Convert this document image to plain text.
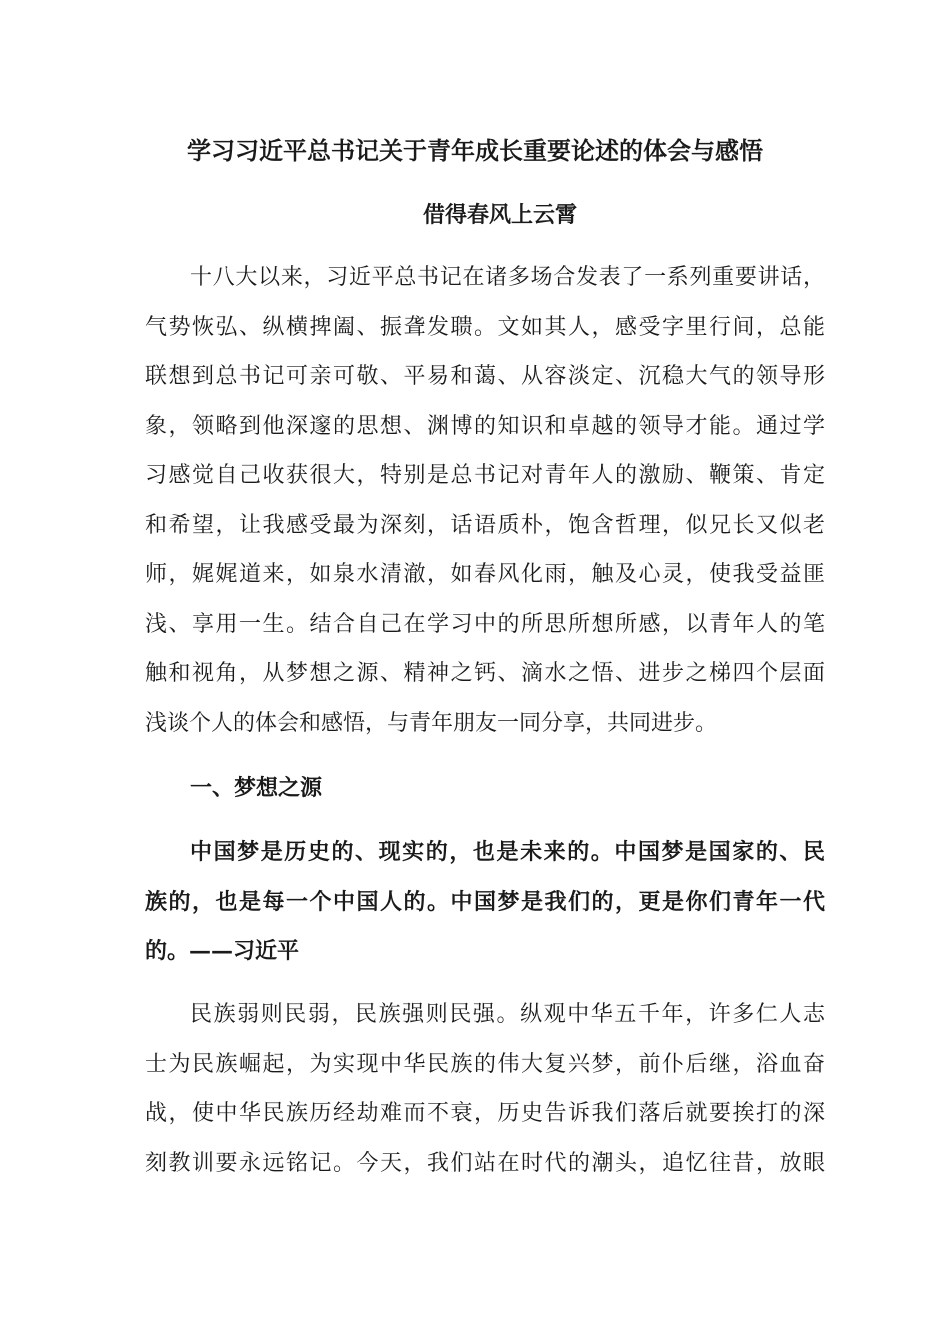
学习习近平总书记关于青年成长重要论述的体会与感悟
借得春风上云霄
十八大以来，习近平总书记在诸多场合发表了一系列重要讲话，
气势恢弘、纵横捭阖、振聋发聩。文如其人，感受字里行间，总能
联想到总书记可亲可敬、平易和蔼、从容淡定、沉稳大气的领导形
象，领略到他深邃的思想、渊博的知识和卓越的领导才能。通过学
习感觉自己收获很大，特别是总书记对青年人的激励、鞭策、肯定
和希望，让我感受最为深刻，话语质朴，饱含哲理，似兄长又似老
师，娓娓道来，如泉水清澈，如春风化雨，触及心灵，使我受益匪
浅、享用一生。结合自己在学习中的所思所想所感，以青年人的笔
触和视角，从梦想之源、精神之钙、滴水之悟、进步之梯四个层面
浅谈个人的体会和感悟，与青年朋友一同分享，共同进步。
一、梦想之源
中国梦是历史的、现实的，也是未来的。中国梦是国家的、民
族的，也是每一个中国人的。中国梦是我们的，更是你们青年一代
的。——习近平
民族弱则民弱，民族强则民强。纵观中华五千年，许多仁人志
士为民族崛起，为实现中华民族的伟大复兴梦，前仆后继，浴血奋
战，使中华民族历经劫难而不衰，历史告诉我们落后就要挨打的深
刻教训要永远铭记。今天，我们站在时代的潮头，追忆往昔，放眼
